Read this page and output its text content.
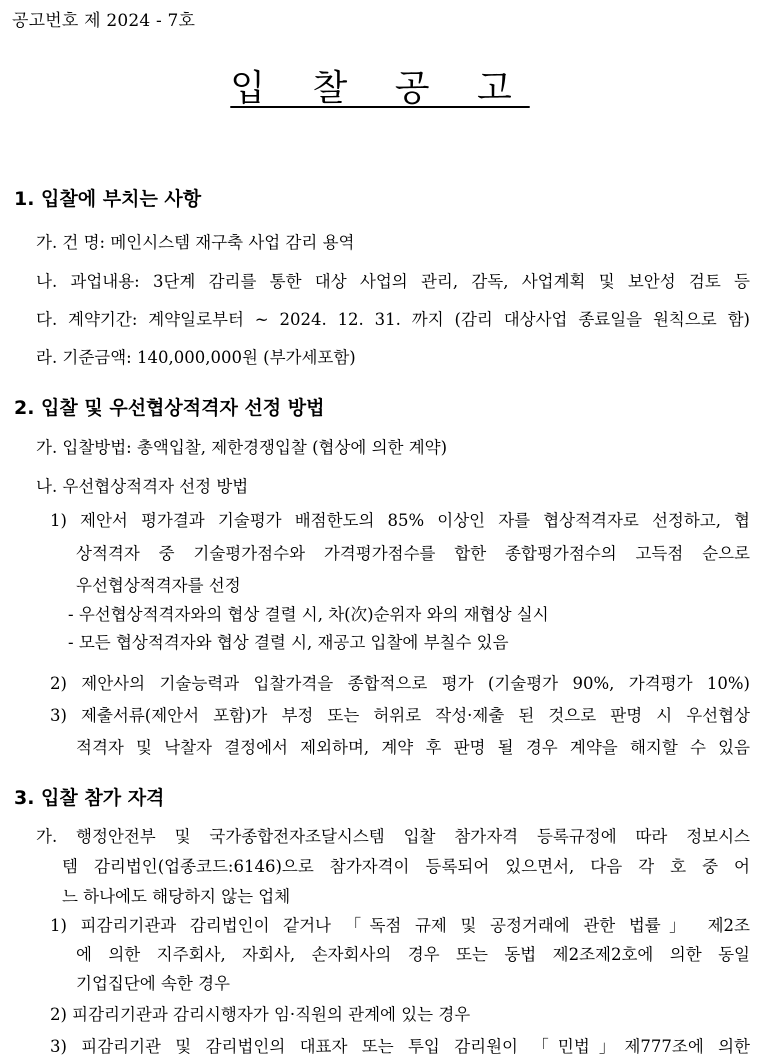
공고번호 제 2024 - 7호
입 찰 공 고
1. 입찰에 부치는 사항
가. 건 명: 메인시스템 재구축 사업 감리 용역
나. 과업내용: 3단계 감리를 통한 대상 사업의 관리, 감독, 사업계획 및 보안성 검토 등
다. 계약기간: 계약일로부터 ~ 2024. 12. 31. 까지 (감리 대상사업 종료일을 원칙으로 함)
라. 기준금액: 140,000,000원 (부가세포함)
2. 입찰 및 우선협상적격자 선정 방법
가. 입찰방법: 총액입찰, 제한경쟁입찰 (협상에 의한 계약)
나. 우선협상적격자 선정 방법
1) 제안서 평가결과 기술평가 배점한도의 85% 이상인 자를 협상적격자로 선정하고, 협
상적격자 중 기술평가점수와 가격평가점수를 합한 종합평가점수의 고득점 순으로
우선협상적격자를 선정
- 우선협상적격자와의 협상 결렬 시, 차(次)순위자 와의 재협상 실시
- 모든 협상적격자와 협상 결렬 시, 재공고 입찰에 부칠수 있음
2) 제안사의 기술능력과 입찰가격을 종합적으로 평가 (기술평가 90%, 가격평가 10%)
3) 제출서류(제안서 포함)가 부정 또는 허위로 작성·제출 된 것으로 판명 시 우선협상
적격자 및 낙찰자 결정에서 제외하며, 계약 후 판명 될 경우 계약을 해지할 수 있음
3. 입찰 참가 자격
가. 행정안전부 및 국가종합전자조달시스템 입찰 참가자격 등록규정에 따라 정보시스
템 감리법인(업종코드:6146)으로 참가자격이 등록되어 있으면서, 다음 각 호 중 어
느 하나에도 해당하지 않는 업체
1) 피감리기관과 감리법인이 같거나 「독점 규제 및 공정거래에 관한 법률」 제2조
에 의한 지주회사, 자회사, 손자회사의 경우 또는 동법 제2조제2호에 의한 동일
기업집단에 속한 경우
2) 피감리기관과 감리시행자가 임·직원의 관계에 있는 경우
3) 피감리기관 및 감리법인의 대표자 또는 투입 감리원이 「민법」제777조에 의한
